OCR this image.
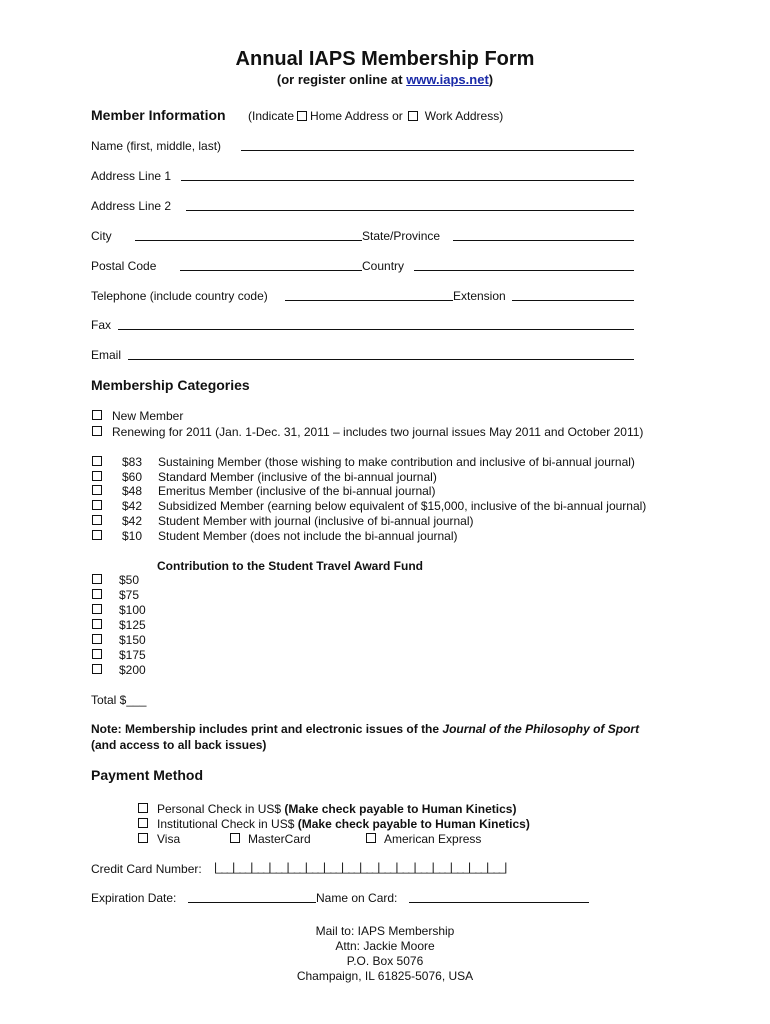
Annual IAPS Membership Form
(or register online at www.iaps.net)
Member Information (Indicate Home Address or Work Address)
Name (first, middle, last)
Address Line 1
Address Line 2
City	State/Province
Postal Code	Country
Telephone (include country code)	Extension
Fax
Email
Membership Categories
New Member
Renewing for 2011 (Jan. 1-Dec. 31, 2011 – includes two journal issues May 2011 and October 2011)
$83 Sustaining Member (those wishing to make contribution and inclusive of bi-annual journal)
$60 Standard Member (inclusive of the bi-annual journal)
$48 Emeritus Member (inclusive of the bi-annual journal)
$42 Subsidized Member (earning below equivalent of $15,000, inclusive of the bi-annual journal)
$42 Student Member with journal (inclusive of bi-annual journal)
$10 Student Member (does not include the bi-annual journal)
Contribution to the Student Travel Award Fund
$50
$75
$100
$125
$150
$175
$200
Total $___
Note: Membership includes print and electronic issues of the Journal of the Philosophy of Sport
(and access to all back issues)
Payment Method
Personal Check in US$ (Make check payable to Human Kinetics)
Institutional Check in US$ (Make check payable to Human Kinetics)
Visa	MasterCard	American Express
Credit Card Number: |___|___|___|___|___|___|___|___|___|___|___|___|___|___|___|___|
Expiration Date:	Name on Card:
Mail to: IAPS Membership
Attn: Jackie Moore
P.O. Box 5076
Champaign, IL 61825-5076, USA
